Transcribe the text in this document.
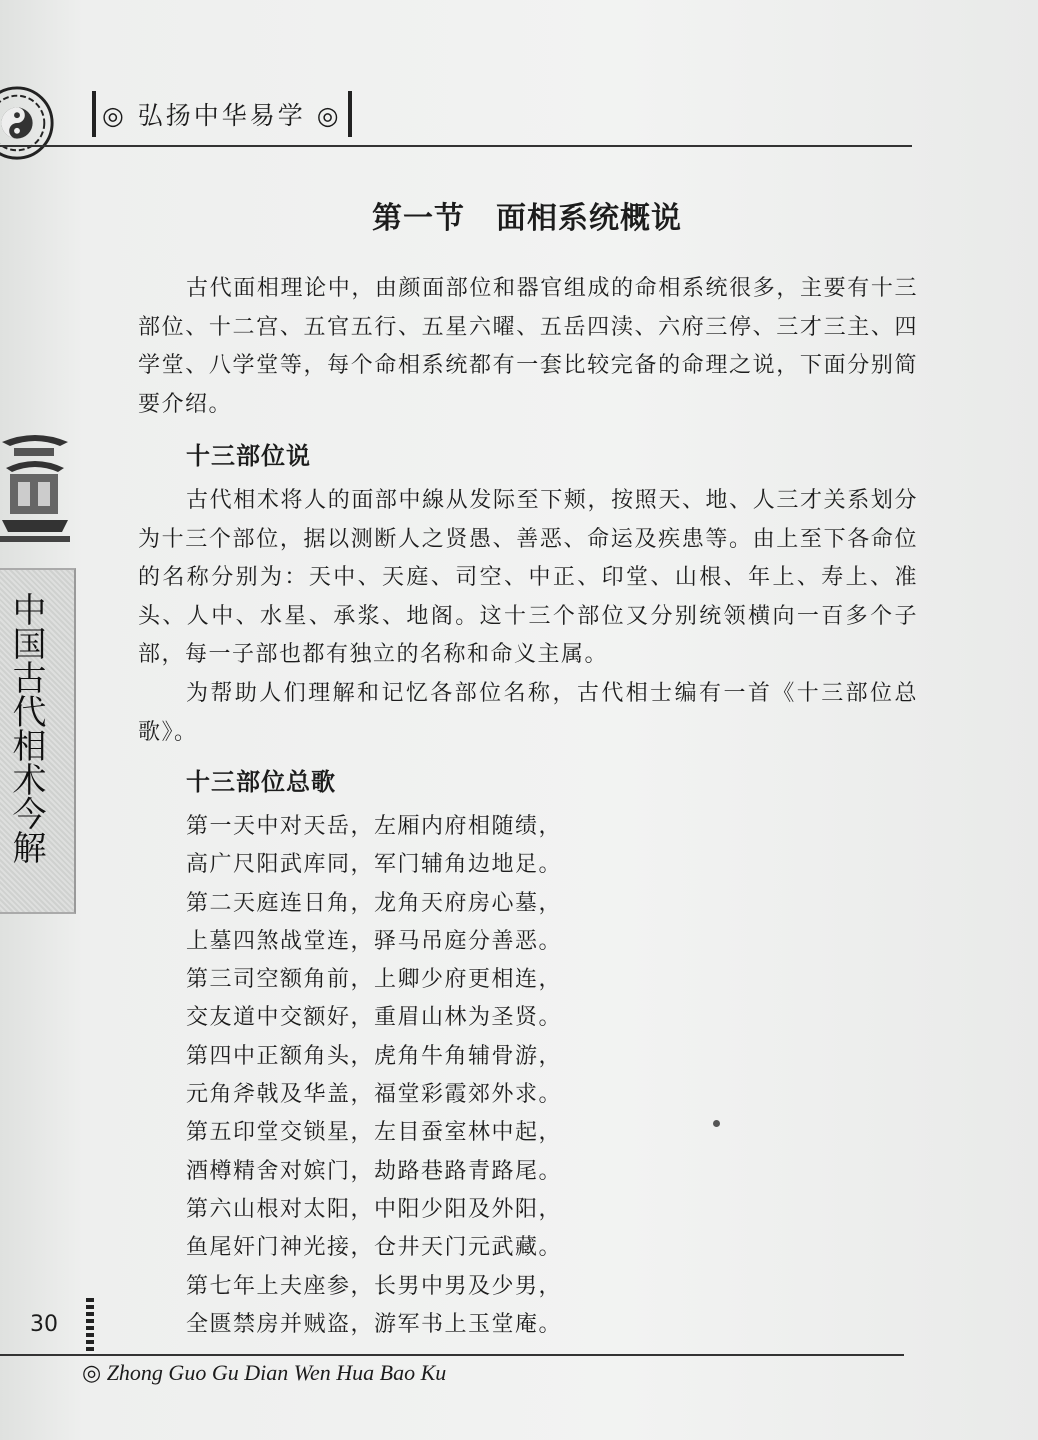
◎ 弘扬中华易学 ◎
中国古代相术今解
第一节　面相系统概说

古代面相理论中，由颜面部位和器官组成的命相系统很多，主要有十三部位、十二宫、五官五行、五星六曜、五岳四渎、六府三停、三才三主、四学堂、八学堂等，每个命相系统都有一套比较完备的命理之说，下面分别简要介绍。

十三部位说

古代相术将人的面部中線从发际至下颊，按照天、地、人三才关系划分为十三个部位，据以测断人之贤愚、善恶、命运及疾患等。由上至下各命位的名称分别为：天中、天庭、司空、中正、印堂、山根、年上、寿上、准头、人中、水星、承浆、地阁。这十三个部位又分别统领横向一百多个子部，每一子部也都有独立的名称和命义主属。

为帮助人们理解和记忆各部位名称，古代相士编有一首《十三部位总歌》。

十三部位总歌
第一天中对天岳，左厢内府相随绩，
高广尺阳武库同，军门辅角边地足。
第二天庭连日角，龙角天府房心墓，
上墓四煞战堂连，驿马吊庭分善恶。
第三司空额角前，上卿少府更相连，
交友道中交额好，重眉山林为圣贤。
第四中正额角头，虎角牛角辅骨游，
元角斧戟及华盖，福堂彩霞郊外求。
第五印堂交锁星，左目蚕室林中起，
酒樽精舍对嫔门，劫路巷路青路尾。
第六山根对太阳，中阳少阳及外阳，
鱼尾奸门神光接，仓井天门元武藏。
第七年上夫座参，长男中男及少男，
全匮禁房并贼盗，游军书上玉堂庵。
30
◎ Zhong Guo Gu Dian Wen Hua Bao Ku
